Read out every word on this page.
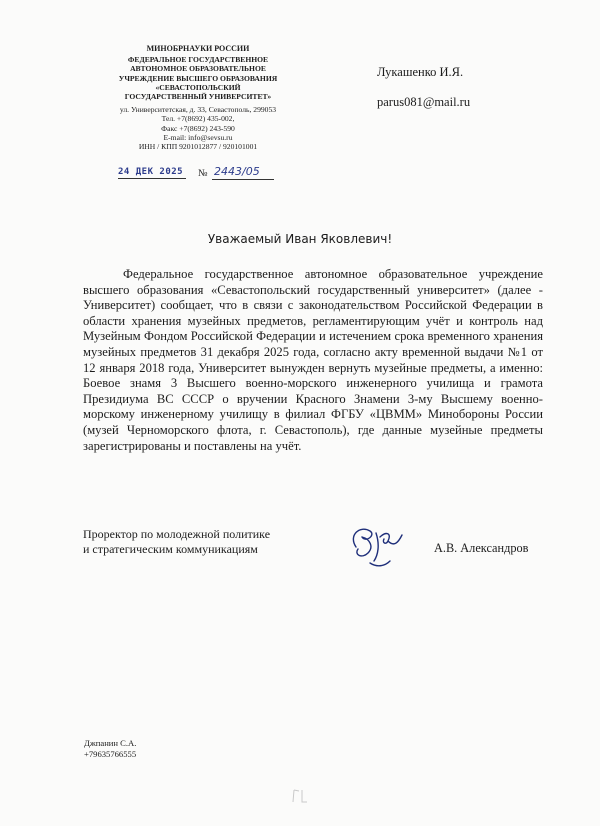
МИНОБРНАУКИ РОССИИ
ФЕДЕРАЛЬНОЕ ГОСУДАРСТВЕННОЕ
АВТОНОМНОЕ ОБРАЗОВАТЕЛЬНОЕ
УЧРЕЖДЕНИЕ ВЫСШЕГО ОБРАЗОВАНИЯ
«СЕВАСТОПОЛЬСКИЙ
ГОСУДАРСТВЕННЫЙ УНИВЕРСИТЕТ»
ул. Университетская, д. 33, Севастополь, 299053
Тел. +7(8692) 435-002,
Факс +7(8692) 243-590
E-mail: info@sevsu.ru
ИНН / КПП 9201012877 / 920101001
24 ДЕК 2025 № 2443/05
Лукашенко И.Я.
parus081@mail.ru
Уважаемый Иван Яковлевич!
Федеральное государственное автономное образовательное учреждение высшего образования «Севастопольский государственный университет» (далее - Университет) сообщает, что в связи с законодательством Российской Федерации в области хранения музейных предметов, регламентирующим учёт и контроль над Музейным Фондом Российской Федерации и истечением срока временного хранения музейных предметов 31 декабря 2025 года, согласно акту временной выдачи №1 от 12 января 2018 года, Университет вынужден вернуть музейные предметы, а именно: Боевое знамя 3 Высшего военно-морского инженерного училища и грамота Президиума ВС СССР о вручении Красного Знамени 3-му Высшему военно-морскому инженерному училищу в филиал ФГБУ «ЦВММ» Минобороны России (музей Черноморского флота, г. Севастополь), где данные музейные предметы зарегистрированы и поставлены на учёт.
Проректор по молодежной политике
и стратегическим коммуникациям	А.В. Александров
Джпанин С.А.
+79635766555
